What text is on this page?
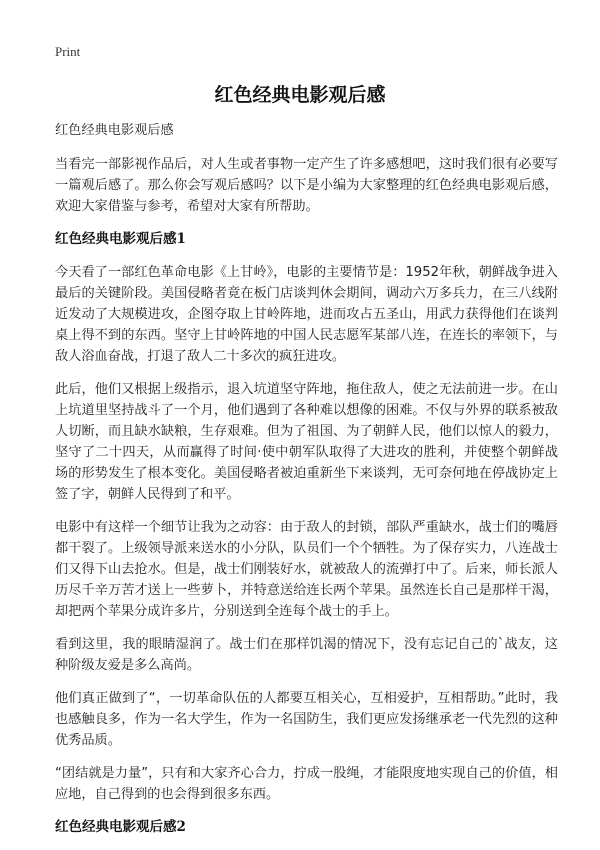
Print
红色经典电影观后感

红色经典电影观后感

当看完一部影视作品后，对人生或者事物一定产生了许多感想吧，这时我们很有必要写一篇观后感了。那么你会写观后感吗？以下是小编为大家整理的红色经典电影观后感，欢迎大家借鉴与参考，希望对大家有所帮助。

红色经典电影观后感1

今天看了一部红色革命电影《上甘岭》，电影的主要情节是：1952年秋，朝鲜战争进入最后的关键阶段。美国侵略者竟在板门店谈判休会期间，调动六万多兵力，在三八线附近发动了大规模进攻，企图夺取上甘岭阵地，进而攻占五圣山，用武力获得他们在谈判桌上得不到的东西。坚守上甘岭阵地的中国人民志愿军某部八连，在连长的率领下，与敌人浴血奋战，打退了敌人二十多次的疯狂进攻。

此后，他们又根据上级指示，退入坑道坚守阵地，拖住敌人，使之无法前进一步。在山上坑道里坚持战斗了一个月，他们遇到了各种难以想像的困难。不仅与外界的联系被敌人切断，而且缺水缺粮，生存艰难。但为了祖国、为了朝鲜人民，他们以惊人的毅力，坚守了二十四天，从而赢得了时间·使中朝军队取得了大进攻的胜利，并使整个朝鲜战场的形势发生了根本变化。美国侵略者被迫重新坐下来谈判，无可奈何地在停战协定上签了字，朝鲜人民得到了和平。

电影中有这样一个细节让我为之动容：由于敌人的封锁，部队严重缺水，战士们的嘴唇都干裂了。上级领导派来送水的小分队，队员们一个个牺牲。为了保存实力，八连战士们又得下山去抢水。但是，战士们刚装好水，就被敌人的流弹打中了。后来，师长派人历尽千辛万苦才送上一些萝卜，并特意送给连长两个苹果。虽然连长自己是那样干渴，却把两个苹果分成许多片，分别送到全连每个战士的手上。

看到这里，我的眼睛湿润了。战士们在那样饥渴的情况下，没有忘记自己的`战友，这种阶级友爱是多么高尚。

他们真正做到了“，一切革命队伍的人都要互相关心，互相爱护，互相帮助。”此时，我也感触良多，作为一名大学生，作为一名国防生，我们更应发扬继承老一代先烈的这种优秀品质。

“团结就是力量”，只有和大家齐心合力，拧成一股绳，才能限度地实现自己的价值，相应地，自己得到的也会得到很多东西。

红色经典电影观后感2
